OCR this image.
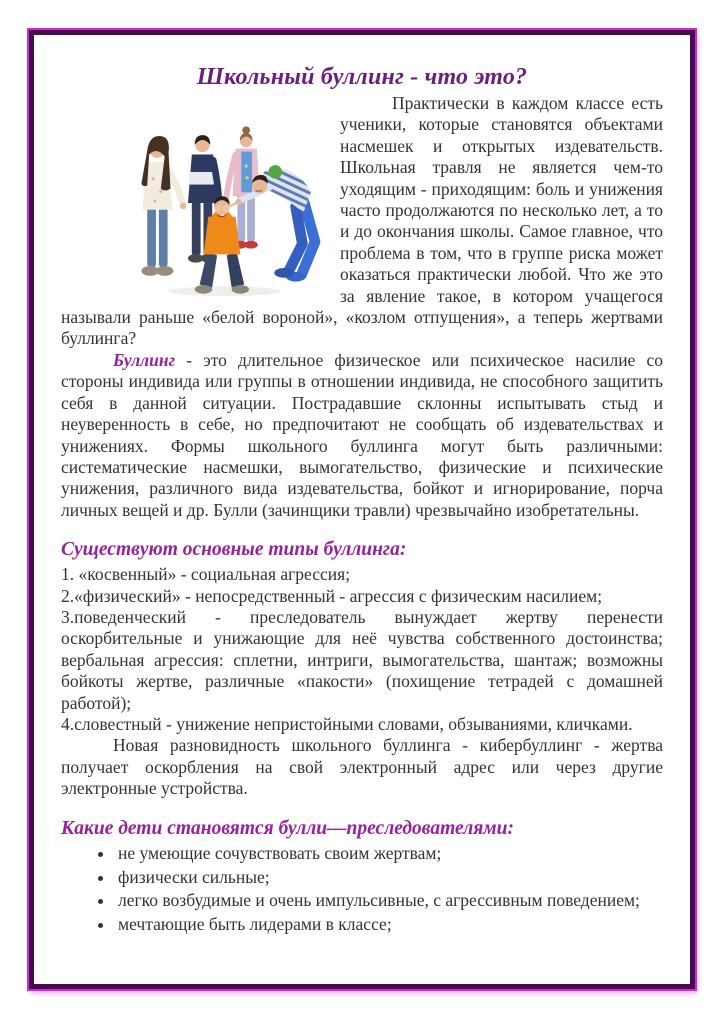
Школьный буллинг - что это?

Практически в каждом классе есть ученики, которые становятся объектами насмешек и открытых издевательств. Школьная травля не является чем-то уходящим - приходящим: боль и унижения часто продолжаются по несколько лет, а то и до окончания школы. Самое главное, что проблема в том, что в группе риска может оказаться практически любой. Что же это за явление такое, в котором учащегося называли раньше «белой вороной», «козлом отпущения», а теперь жертвами буллинга?

Буллинг - это длительное физическое или психическое насилие со стороны индивида или группы в отношении индивида, не способного защитить себя в данной ситуации. Пострадавшие склонны испытывать стыд и неуверенность в себе, но предпочитают не сообщать об издевательствах и унижениях. Формы школьного буллинга могут быть различными: систематические насмешки, вымогательство, физические и психические унижения, различного вида издевательства, бойкот и игнорирование, порча личных вещей и др. Булли (зачинщики травли) чрезвычайно изобретательны.

Существуют основные типы буллинга:

1. «косвенный» - социальная агрессия;

2.«физический» - непосредственный - агрессия с физическим насилием;

3.поведенческий - преследователь вынуждает жертву перенести оскорбительные и унижающие для неё чувства собственного достоинства; вербальная агрессия: сплетни, интриги, вымогательства, шантаж; возможны бойкоты жертве, различные «пакости» (похищение тетрадей с домашней работой);

4.словестный - унижение непристойными словами, обзываниями, кличками.

Новая разновидность школьного буллинга - кибербуллинг - жертва получает оскорбления на свой электронный адрес или через другие электронные устройства.

Какие дети становятся булли—преследователями:
• не умеющие сочувствовать своим жертвам;
• физически сильные;
• легко возбудимые и очень импульсивные, с агрессивным поведением;
• мечтающие быть лидерами в классе;
